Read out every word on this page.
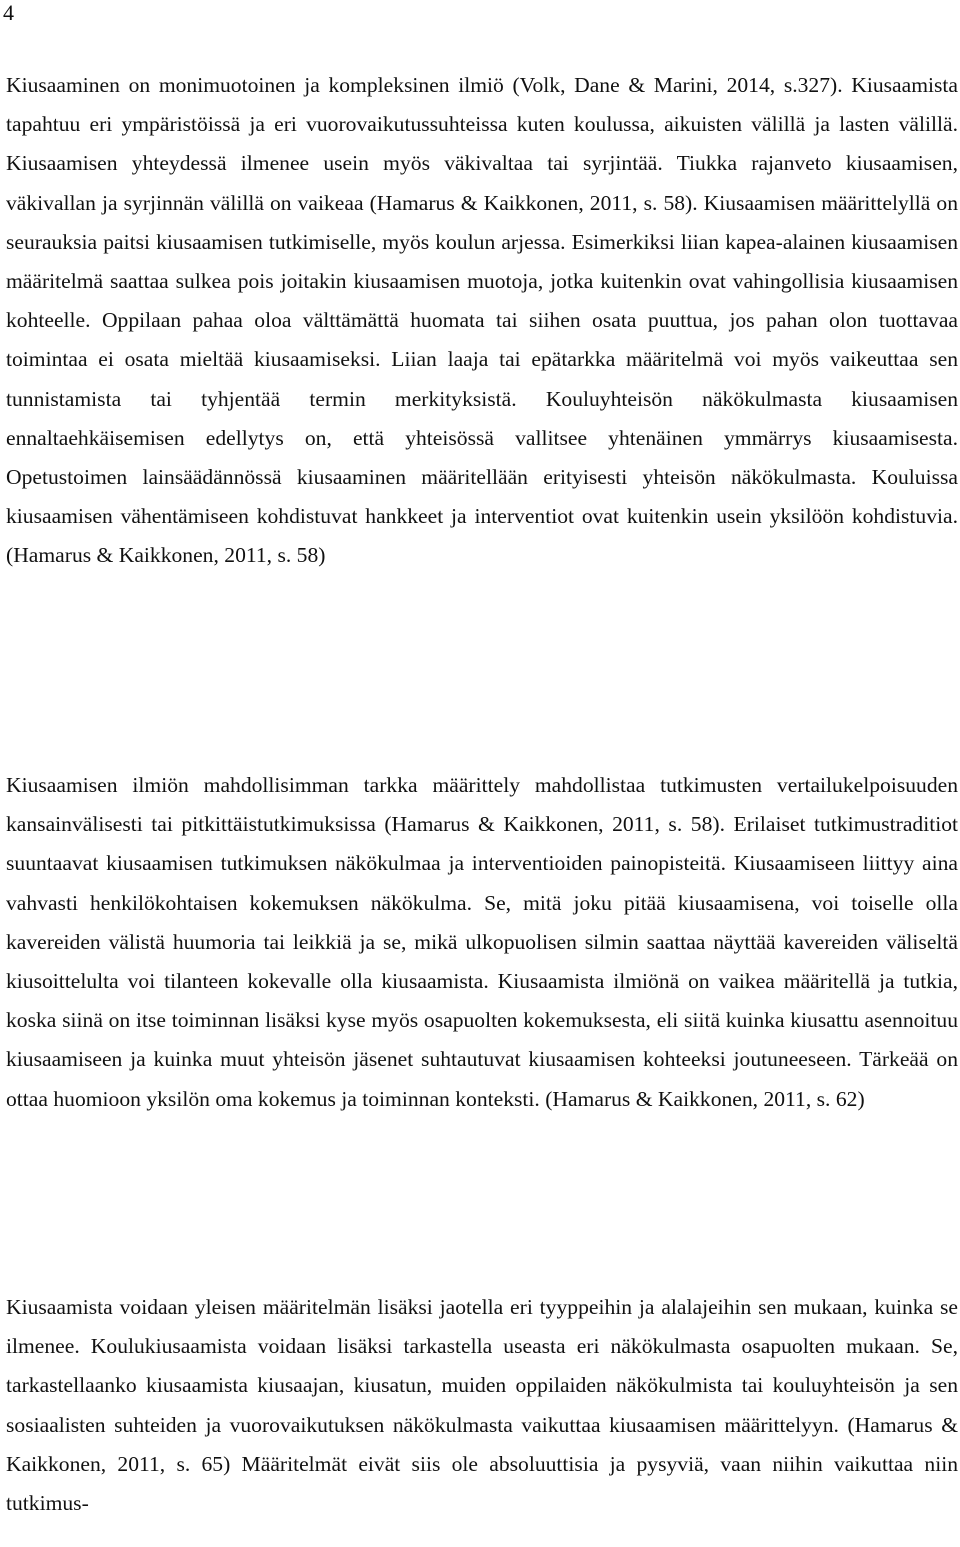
4

Kiusaaminen on monimuotoinen ja kompleksinen ilmiö (Volk, Dane & Marini, 2014, s.327). Kiusaamista tapahtuu eri ympäristöissä ja eri vuorovaikutussuhteissa kuten koulussa, aikuisten välillä ja lasten välillä. Kiusaamisen yhteydessä ilmenee usein myös väkivaltaa tai syrjintää. Tiukka rajanveto kiusaamisen, väkivallan ja syrjinnän välillä on vaikeaa (Hamarus & Kaikkonen, 2011, s. 58). Kiusaamisen määrittelyllä on seurauksia paitsi kiusaamisen tutkimiselle, myös koulun arjessa. Esimerkiksi liian kapea-alainen kiusaamisen määritelmä saattaa sulkea pois joitakin kiusaamisen muotoja, jotka kuitenkin ovat vahingollisia kiusaamisen kohteelle. Oppilaan pahaa oloa välttämättä huomata tai siihen osata puuttua, jos pahan olon tuottavaa toimintaa ei osata mieltää kiusaamiseksi. Liian laaja tai epätarkka määritelmä voi myös vaikeuttaa sen tunnistamista tai tyhjentää termin merkityksistä. Kouluyhteisön näkökulmasta kiusaamisen ennaltaehkäisemisen edellytys on, että yhteisössä vallitsee yhtenäinen ymmärrys kiusaamisesta. Opetustoimen lainsäädännössä kiusaaminen määritellään erityisesti yhteisön näkökulmasta. Kouluissa kiusaamisen vähentämiseen kohdistuvat hankkeet ja interventiot ovat kuitenkin usein yksilöön kohdistuvia. (Hamarus & Kaikkonen, 2011, s. 58)

Kiusaamisen ilmiön mahdollisimman tarkka määrittely mahdollistaa tutkimusten vertailukelpoisuuden kansainvälisesti tai pitkittäistutkimuksissa (Hamarus & Kaikkonen, 2011, s. 58). Erilaiset tutkimustraditiot suuntaavat kiusaamisen tutkimuksen näkökulmaa ja interventioiden painopisteitä. Kiusaamiseen liittyy aina vahvasti henkilökohtaisen kokemuksen näkökulma. Se, mitä joku pitää kiusaamisena, voi toiselle olla kavereiden välistä huumoria tai leikkiä ja se, mikä ulkopuolisen silmin saattaa näyttää kavereiden väliseltä kiusoittelulta voi tilanteen kokevalle olla kiusaamista. Kiusaamista ilmiönä on vaikea määritellä ja tutkia, koska siinä on itse toiminnan lisäksi kyse myös osapuolten kokemuksesta, eli siitä kuinka kiusattu asennoituu kiusaamiseen ja kuinka muut yhteisön jäsenet suhtautuvat kiusaamisen kohteeksi joutuneeseen. Tärkeää on ottaa huomioon yksilön oma kokemus ja toiminnan konteksti. (Hamarus & Kaikkonen, 2011, s. 62)

Kiusaamista voidaan yleisen määritelmän lisäksi jaotella eri tyyppeihin ja alalajeihin sen mukaan, kuinka se ilmenee. Koulukiusaamista voidaan lisäksi tarkastella useasta eri näkökulmasta osapuolten mukaan. Se, tarkastellaanko kiusaamista kiusaajan, kiusatun, muiden oppilaiden näkökulmista tai kouluyhteisön ja sen sosiaalisten suhteiden ja vuorovaikutuksen näkökulmasta vaikuttaa kiusaamisen määrittelyyn. (Hamarus & Kaikkonen, 2011, s. 65) Määritelmät eivät siis ole absoluuttisia ja pysyviä, vaan niihin vaikuttaa niin tutkimus-
